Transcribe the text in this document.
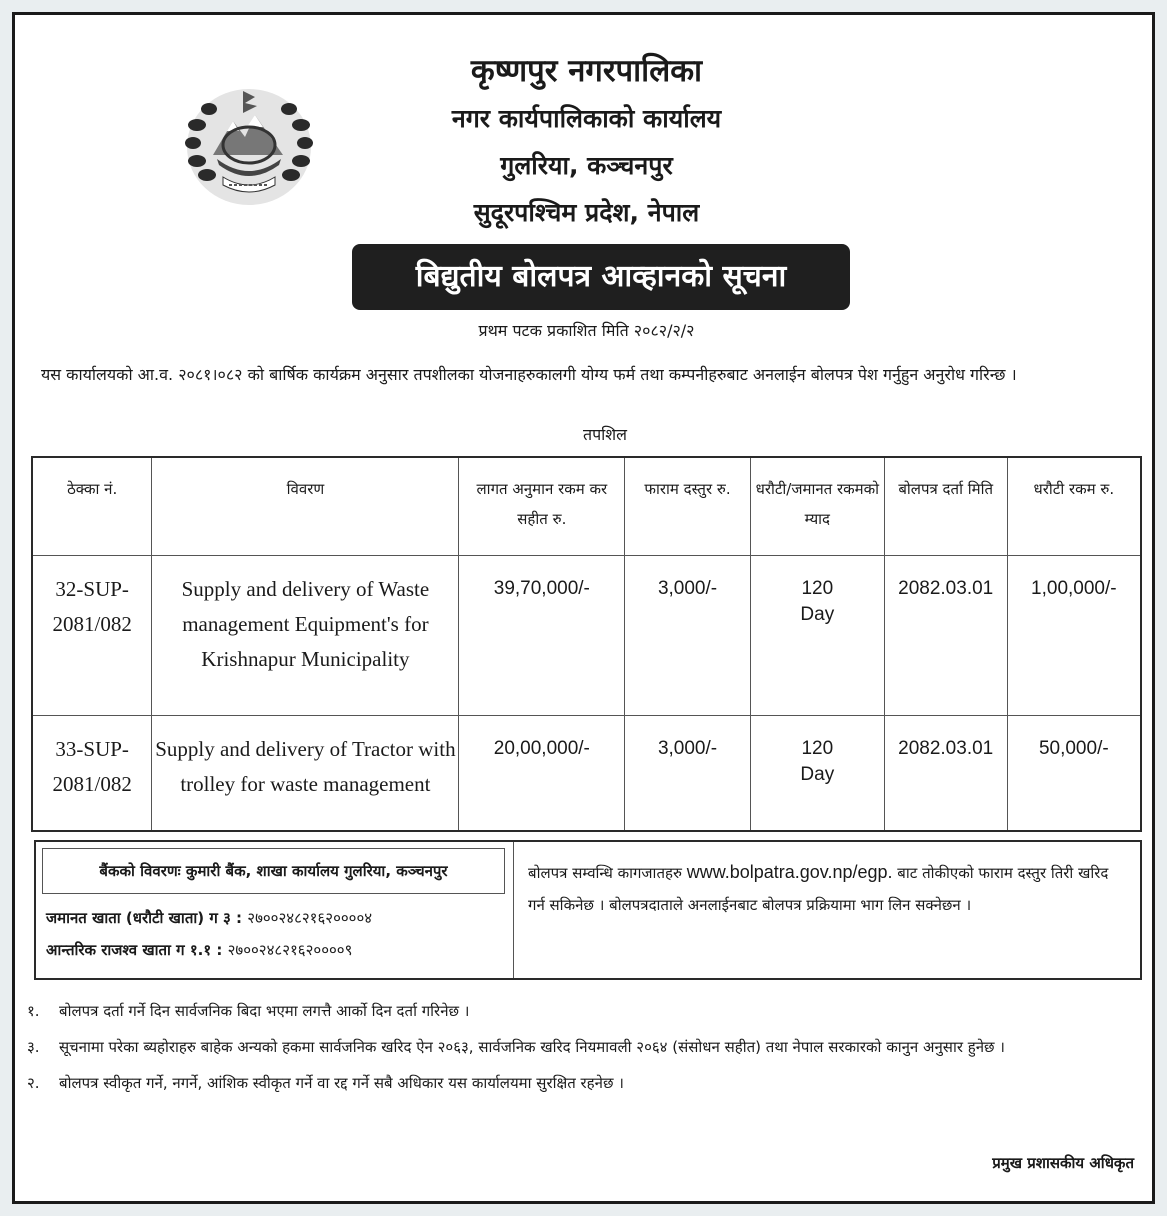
कृष्णपुर नगरपालिका
नगर कार्यपालिकाको कार्यालय
गुलरिया, कञ्चनपुर
सुदूरपश्चिम प्रदेश, नेपाल
बिद्युतीय बोलपत्र आव्हानको सूचना
प्रथम पटक प्रकाशित मिति २०८२/२/२
यस कार्यालयको आ.व. २०८१।०८२ को बार्षिक कार्यक्रम अनुसार तपशीलका योजनाहरुकालगी योग्य फर्म तथा कम्पनीहरुबाट अनलाईन बोलपत्र पेश गर्नुहुन अनुरोध गरिन्छ ।
तपशिल
ठेक्का नं.	विवरण	लागत अनुमान रकम कर सहीत रु.	फाराम दस्तुर रु.	धरौटी/जमानत रकमको म्याद	बोलपत्र दर्ता मिति	धरौटी रकम रु.
32-SUP-2081/082	Supply and delivery of Waste management Equipment's for Krishnapur Municipality	39,70,000/-	3,000/-	120 Day	2082.03.01	1,00,000/-
33-SUP-2081/082	Supply and delivery of Tractor with trolley for waste management	20,00,000/-	3,000/-	120 Day	2082.03.01	50,000/-
बैंकको विवरणः कुमारी बैंक, शाखा कार्यालय गुलरिया, कञ्चनपुर
जमानत खाता (धरौटी खाता) ग ३ : २७००२४८२१६२००००४
आन्तरिक राजश्व खाता ग १.१ : २७००२४८२१६२००००९
बोलपत्र सम्वन्धि कागजातहरु www.bolpatra.gov.np/egp. बाट तोकीएको फाराम दस्तुर तिरी खरिद गर्न सकिनेछ । बोलपत्रदाताले अनलाईनबाट बोलपत्र प्रक्रियामा भाग लिन सक्नेछन ।
१. बोलपत्र दर्ता गर्ने दिन सार्वजनिक बिदा भएमा लगत्तै आर्को दिन दर्ता गरिनेछ ।
३. सूचनामा परेका ब्यहोराहरु बाहेक अन्यको हकमा सार्वजनिक खरिद ऐन २०६३, सार्वजनिक खरिद नियमावली २०६४ (संसोधन सहीत) तथा नेपाल सरकारको कानुन अनुसार हुनेछ ।
२. बोलपत्र स्वीकृत गर्ने, नगर्ने, आंशिक स्वीकृत गर्ने वा रद्द गर्ने सबै अधिकार यस कार्यालयमा सुरक्षित रहनेछ ।
प्रमुख प्रशासकीय अधिकृत
